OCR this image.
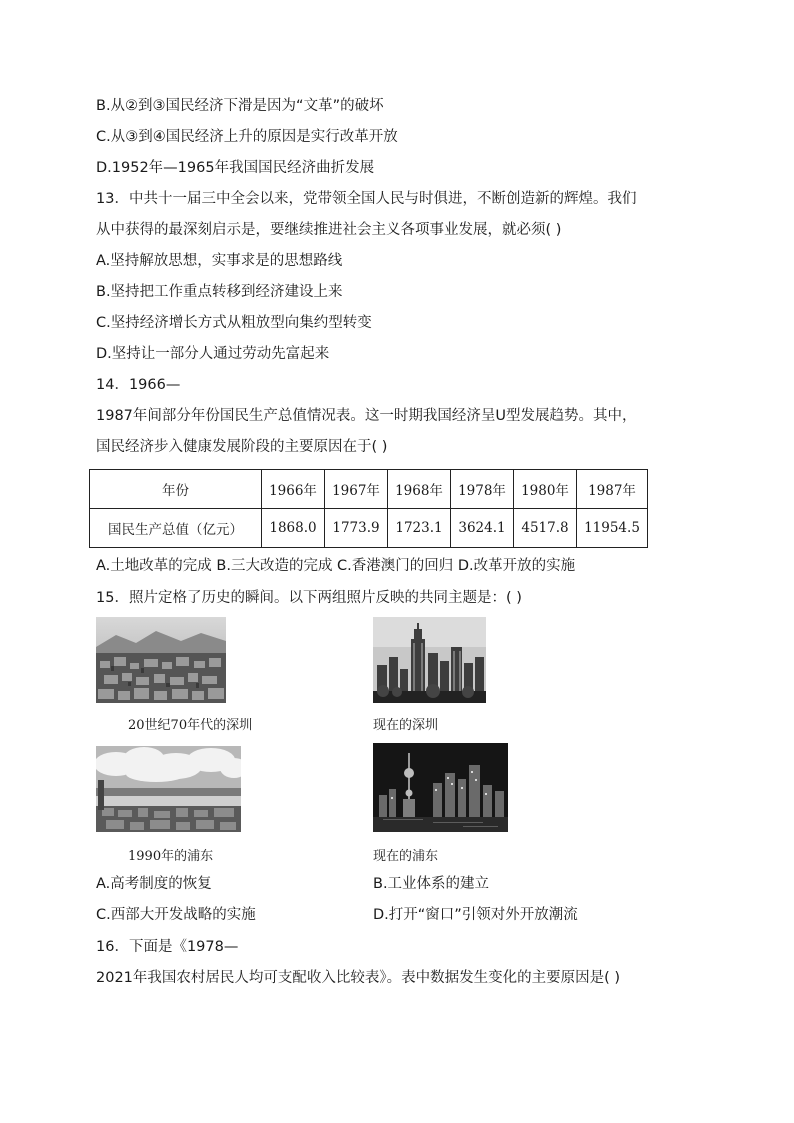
B.从②到③国民经济下滑是因为“文革”的破坏
C.从③到④国民经济上升的原因是实行改革开放
D.1952年—1965年我国国民经济曲折发展
13．中共十一届三中全会以来，党带领全国人民与时俱进，不断创造新的辉煌。我们
从中获得的最深刻启示是，要继续推进社会主义各项事业发展，就必须( )
A.坚持解放思想，实事求是的思想路线
B.坚持把工作重点转移到经济建设上来
C.坚持经济增长方式从粗放型向集约型转变
D.坚持让一部分人通过劳动先富起来
14．1966—
1987年间部分年份国民生产总值情况表。这一时期我国经济呈U型发展趋势。其中，
国民经济步入健康发展阶段的主要原因在于( )
年份	1966年	1967年	1968年	1978年	1980年	1987年
国民生产总值（亿元）	1868.0	1773.9	1723.1	3624.1	4517.8	11954.5
A.土地改革的完成 B.三大改造的完成 C.香港澳门的回归 D.改革开放的实施
15．照片定格了历史的瞬间。以下两组照片反映的共同主题是：( )
20世纪70年代的深圳	现在的深圳
1990年的浦东	现在的浦东
A.高考制度的恢复	B.工业体系的建立
C.西部大开发战略的实施	D.打开“窗口”引领对外开放潮流
16．下面是《1978—
2021年我国农村居民人均可支配收入比较表》。表中数据发生变化的主要原因是( )
